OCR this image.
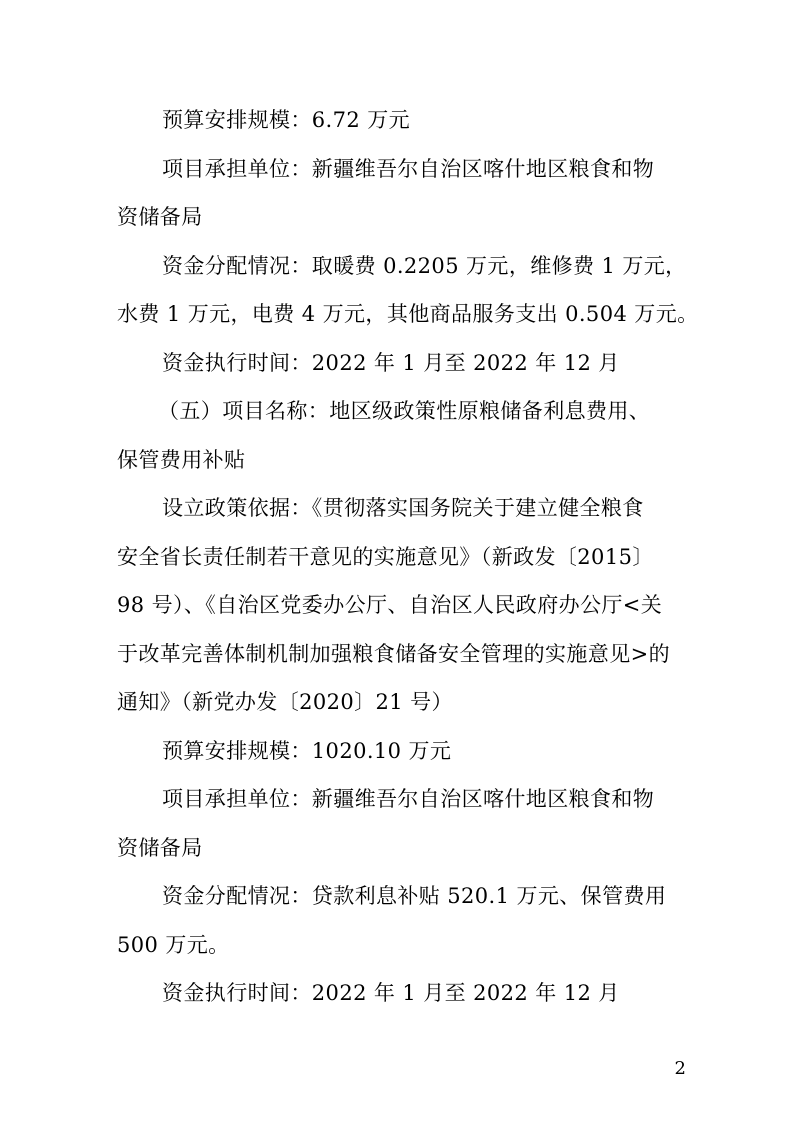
预算安排规模：6.72 万元
项目承担单位：新疆维吾尔自治区喀什地区粮食和物
资储备局
资金分配情况：取暖费 0.2205 万元，维修费 1 万元，
水费 1 万元，电费 4 万元，其他商品服务支出 0.504 万元。
资金执行时间：2022 年 1 月至 2022 年 12 月
（五）项目名称：地区级政策性原粮储备利息费用、
保管费用补贴
设立政策依据：《贯彻落实国务院关于建立健全粮食
安全省长责任制若干意见的实施意见》（新政发〔2015〕
98 号）、《自治区党委办公厅、自治区人民政府办公厅<关
于改革完善体制机制加强粮食储备安全管理的实施意见>的
通知》（新党办发〔2020〕21 号）
预算安排规模：1020.10 万元
项目承担单位：新疆维吾尔自治区喀什地区粮食和物
资储备局
资金分配情况：贷款利息补贴 520.1 万元、保管费用
500 万元。
资金执行时间：2022 年 1 月至 2022 年 12 月
2
